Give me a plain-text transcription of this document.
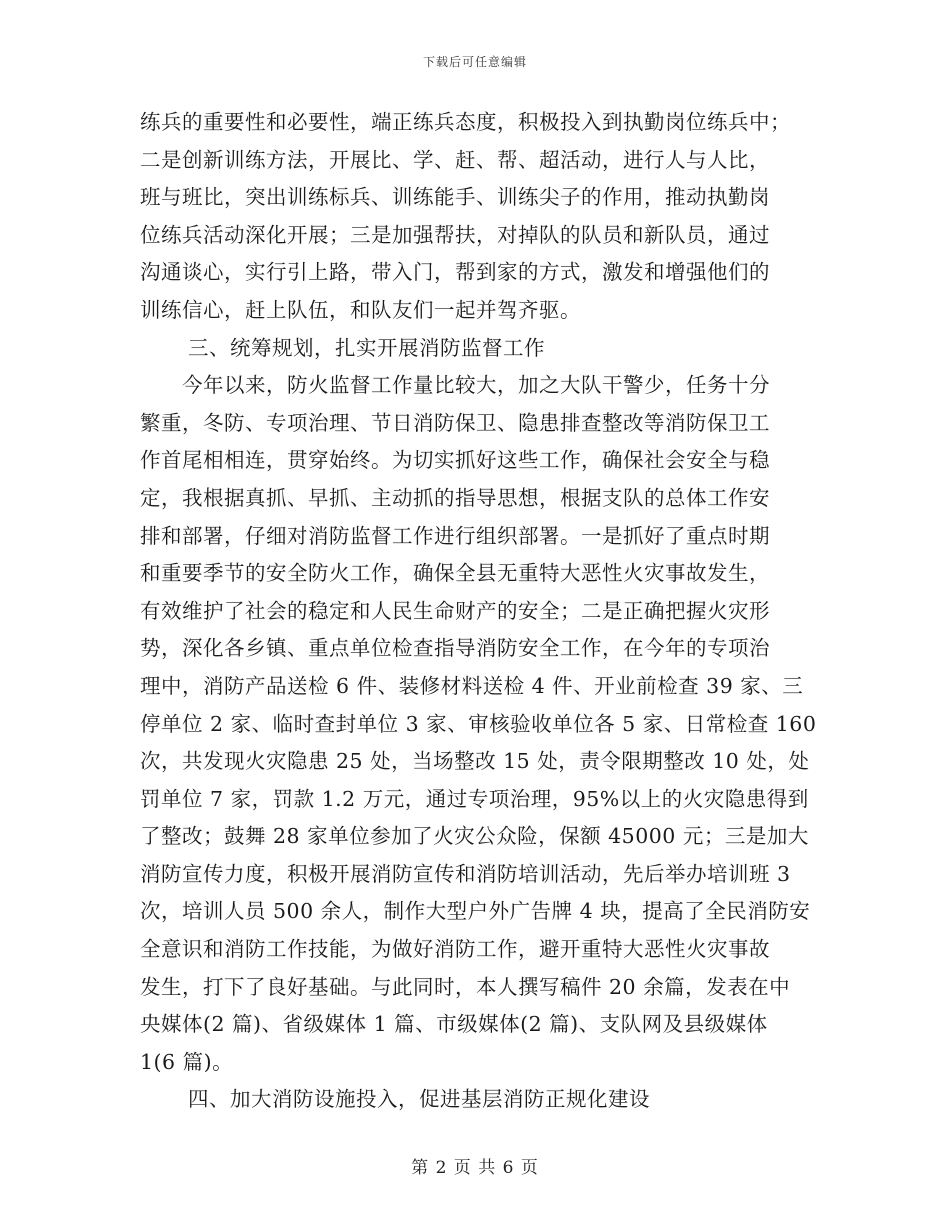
下载后可任意编辑
练兵的重要性和必要性，端正练兵态度，积极投入到执勤岗位练兵中；
二是创新训练方法，开展比、学、赶、帮、超活动，进行人与人比，
班与班比，突出训练标兵、训练能手、训练尖子的作用，推动执勤岗
位练兵活动深化开展；三是加强帮扶，对掉队的队员和新队员，通过
沟通谈心，实行引上路，带入门，帮到家的方式，激发和增强他们的
训练信心，赶上队伍，和队友们一起并驾齐驱。
三、统筹规划，扎实开展消防监督工作
今年以来，防火监督工作量比较大，加之大队干警少，任务十分
繁重，冬防、专项治理、节日消防保卫、隐患排查整改等消防保卫工
作首尾相相连，贯穿始终。为切实抓好这些工作，确保社会安全与稳
定，我根据真抓、早抓、主动抓的指导思想，根据支队的总体工作安
排和部署，仔细对消防监督工作进行组织部署。一是抓好了重点时期
和重要季节的安全防火工作，确保全县无重特大恶性火灾事故发生，
有效维护了社会的稳定和人民生命财产的安全；二是正确把握火灾形
势，深化各乡镇、重点单位检查指导消防安全工作，在今年的专项治
理中，消防产品送检 6 件、装修材料送检 4 件、开业前检查 39 家、三
停单位 2 家、临时查封单位 3 家、审核验收单位各 5 家、日常检查 160
次，共发现火灾隐患 25 处，当场整改 15 处，责令限期整改 10 处，处
罚单位 7 家，罚款 1.2 万元，通过专项治理，95%以上的火灾隐患得到
了整改；鼓舞 28 家单位参加了火灾公众险，保额 45000 元；三是加大
消防宣传力度，积极开展消防宣传和消防培训活动，先后举办培训班 3
次，培训人员 500 余人，制作大型户外广告牌 4 块，提高了全民消防安
全意识和消防工作技能，为做好消防工作，避开重特大恶性火灾事故
发生，打下了良好基础。与此同时，本人撰写稿件 20 余篇，发表在中
央媒体(2 篇)、省级媒体 1 篇、市级媒体(2 篇)、支队网及县级媒体
1(6 篇)。
四、加大消防设施投入，促进基层消防正规化建设
第 2 页 共 6 页
